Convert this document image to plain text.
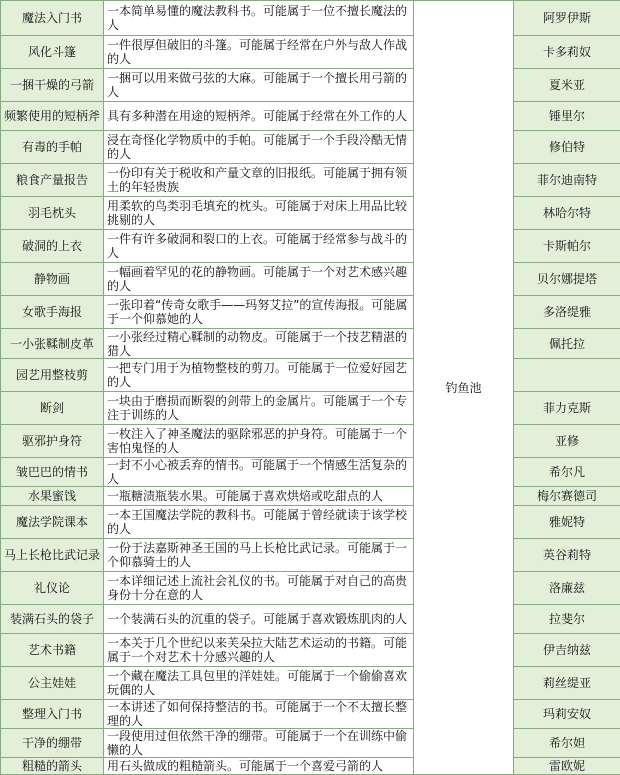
魔法入门书	一本简单易懂的魔法教科书。可能属于一位不擅长魔法的人	钓鱼池	阿罗伊斯
风化斗篷	一件很厚但破旧的斗篷。可能属于经常在户外与敌人作战的人		卡多莉奴
一捆干燥的弓箭	一捆可以用来做弓弦的大麻。可能属于一个擅长用弓箭的人		夏米亚
频繁使用的短柄斧	具有多种潜在用途的短柄斧。可能属于经常在外工作的人		锤里尔
有毒的手帕	浸在奇怪化学物质中的手帕。可能属于一个手段冷酷无情的人		修伯特
粮食产量报告	一份印有关于税收和产量文章的旧报纸。可能属于拥有领土的年轻贵族		菲尔迪南特
羽毛枕头	用柔软的鸟类羽毛填充的枕头。可能属于对床上用品比较挑剔的人		林哈尔特
破洞的上衣	一件有许多破洞和裂口的上衣。可能属于经常参与战斗的人		卡斯帕尔
静物画	一幅画着罕见的花的静物画。可能属于一个对艺术感兴趣的人		贝尔娜提塔
女歌手海报	一张印着“传奇女歌手——玛努艾拉”的宣传海报。可能属于一个仰慕她的人		多洛缇雅
一小张鞣制皮革	一小张经过精心鞣制的动物皮。可能属于一个技艺精湛的猎人		佩托拉
园艺用整枝剪	一把专门用于为植物整枝的剪刀。可能属于一位爱好园艺的人		
断剑	一块由于磨损而断裂的剑带上的金属片。可能属于一个专注于训练的人		菲力克斯
驱邪护身符	一枚注入了神圣魔法的驱除邪恶的护身符。可能属于一个害怕鬼怪的人		亚修
皱巴巴的情书	一封不小心被丢弃的情书。可能属于一个情感生活复杂的人		希尔凡
水果蜜饯	一瓶糖渍瓶装水果。可能属于喜欢烘焙或吃甜点的人		梅尔赛德司
魔法学院课本	一本王国魔法学院的教科书。可能属于曾经就读于该学校的人		雅妮特
马上长枪比武记录	一份于法嘉斯神圣王国的马上长枪比武记录。可能属于一个仰慕骑士的人		英谷莉特
礼仪论	一本详细记述上流社会礼仪的书。可能属于对自己的高贵身份十分在意的人		洛廉兹
装满石头的袋子	一个装满石头的沉重的袋子。可能属于喜欢锻炼肌肉的人		拉斐尔
艺术书籍	一本关于几个世纪以来芙朵拉大陆艺术运动的书籍。可能属于一个对艺术十分感兴趣的人		伊吉纳兹
公主娃娃	一个藏在魔法工具包里的洋娃娃。可能属于一个偷偷喜欢玩偶的人		莉丝缇亚
整理入门书	一本讲述了如何保持整洁的书。可能属于一个不太擅长整理的人		玛莉安奴
干净的绷带	一段使用过但依然干净的绷带。可能属于一个在训练中偷懒的人		希尔妲
粗糙的箭头	用石头做成的粗糙箭头。可能属于一个喜爱弓箭的人		雷欧妮
